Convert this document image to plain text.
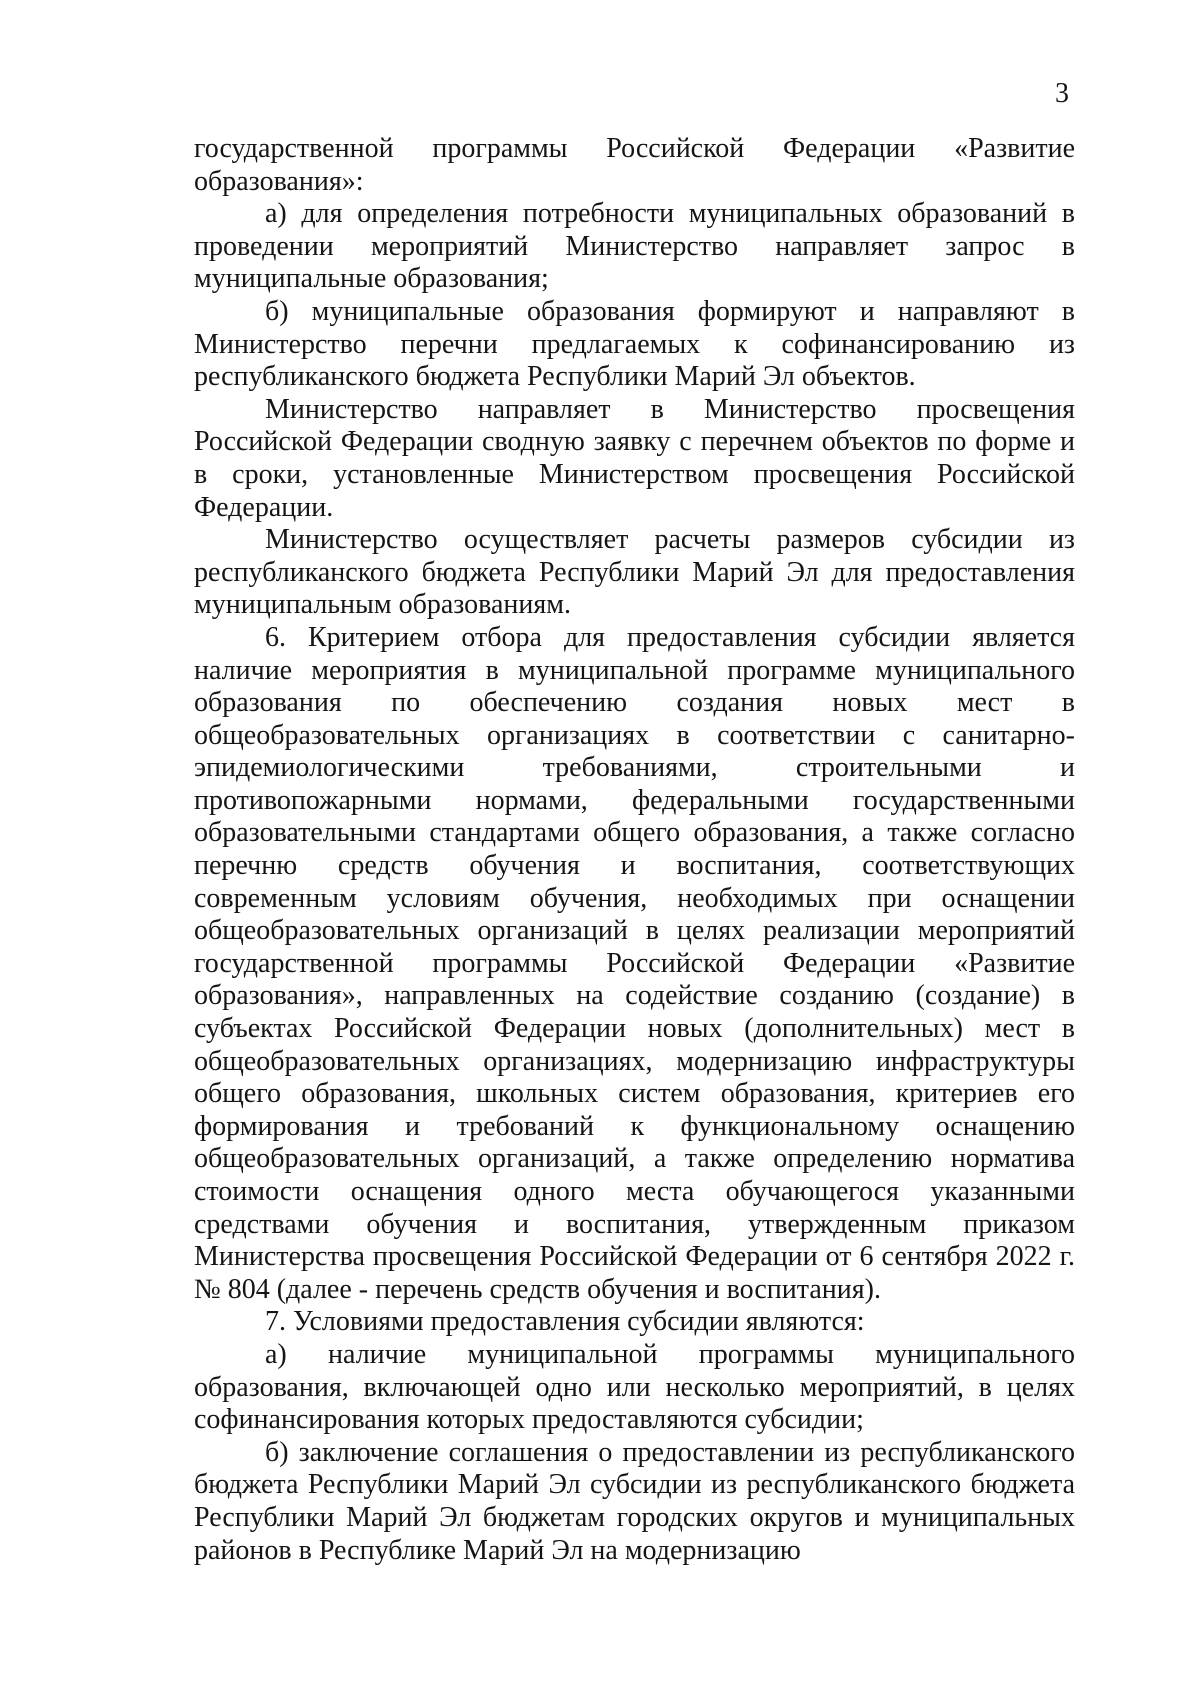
3

государственной программы Российской Федерации «Развитие образования»:

а) для определения потребности муниципальных образований в проведении мероприятий Министерство направляет запрос в муниципальные образования;

б) муниципальные образования формируют и направляют в Министерство перечни предлагаемых к софинансированию из республиканского бюджета Республики Марий Эл объектов.

Министерство направляет в Министерство просвещения Российской Федерации сводную заявку с перечнем объектов по форме и в сроки, установленные Министерством просвещения Российской Федерации.

Министерство осуществляет расчеты размеров субсидии из республиканского бюджета Республики Марий Эл для предоставления муниципальным образованиям.

6. Критерием отбора для предоставления субсидии является наличие мероприятия в муниципальной программе муниципального образования по обеспечению создания новых мест в общеобразовательных организациях в соответствии с санитарно-эпидемиологическими требованиями, строительными и противопожарными нормами, федеральными государственными образовательными стандартами общего образования, а также согласно перечню средств обучения и воспитания, соответствующих современным условиям обучения, необходимых при оснащении общеобразовательных организаций в целях реализации мероприятий государственной программы Российской Федерации «Развитие образования», направленных на содействие созданию (создание) в субъектах Российской Федерации новых (дополнительных) мест в общеобразовательных организациях, модернизацию инфраструктуры общего образования, школьных систем образования, критериев его формирования и требований к функциональному оснащению общеобразовательных организаций, а также определению норматива стоимости оснащения одного места обучающегося указанными средствами обучения и воспитания, утвержденным приказом Министерства просвещения Российской Федерации от 6 сентября 2022 г. № 804 (далее - перечень средств обучения и воспитания).

7. Условиями предоставления субсидии являются:

а) наличие муниципальной программы муниципального образования, включающей одно или несколько мероприятий, в целях софинансирования которых предоставляются субсидии;

б) заключение соглашения о предоставлении из республиканского бюджета Республики Марий Эл субсидии из республиканского бюджета Республики Марий Эл бюджетам городских округов и муниципальных районов в Республике Марий Эл на модернизацию
